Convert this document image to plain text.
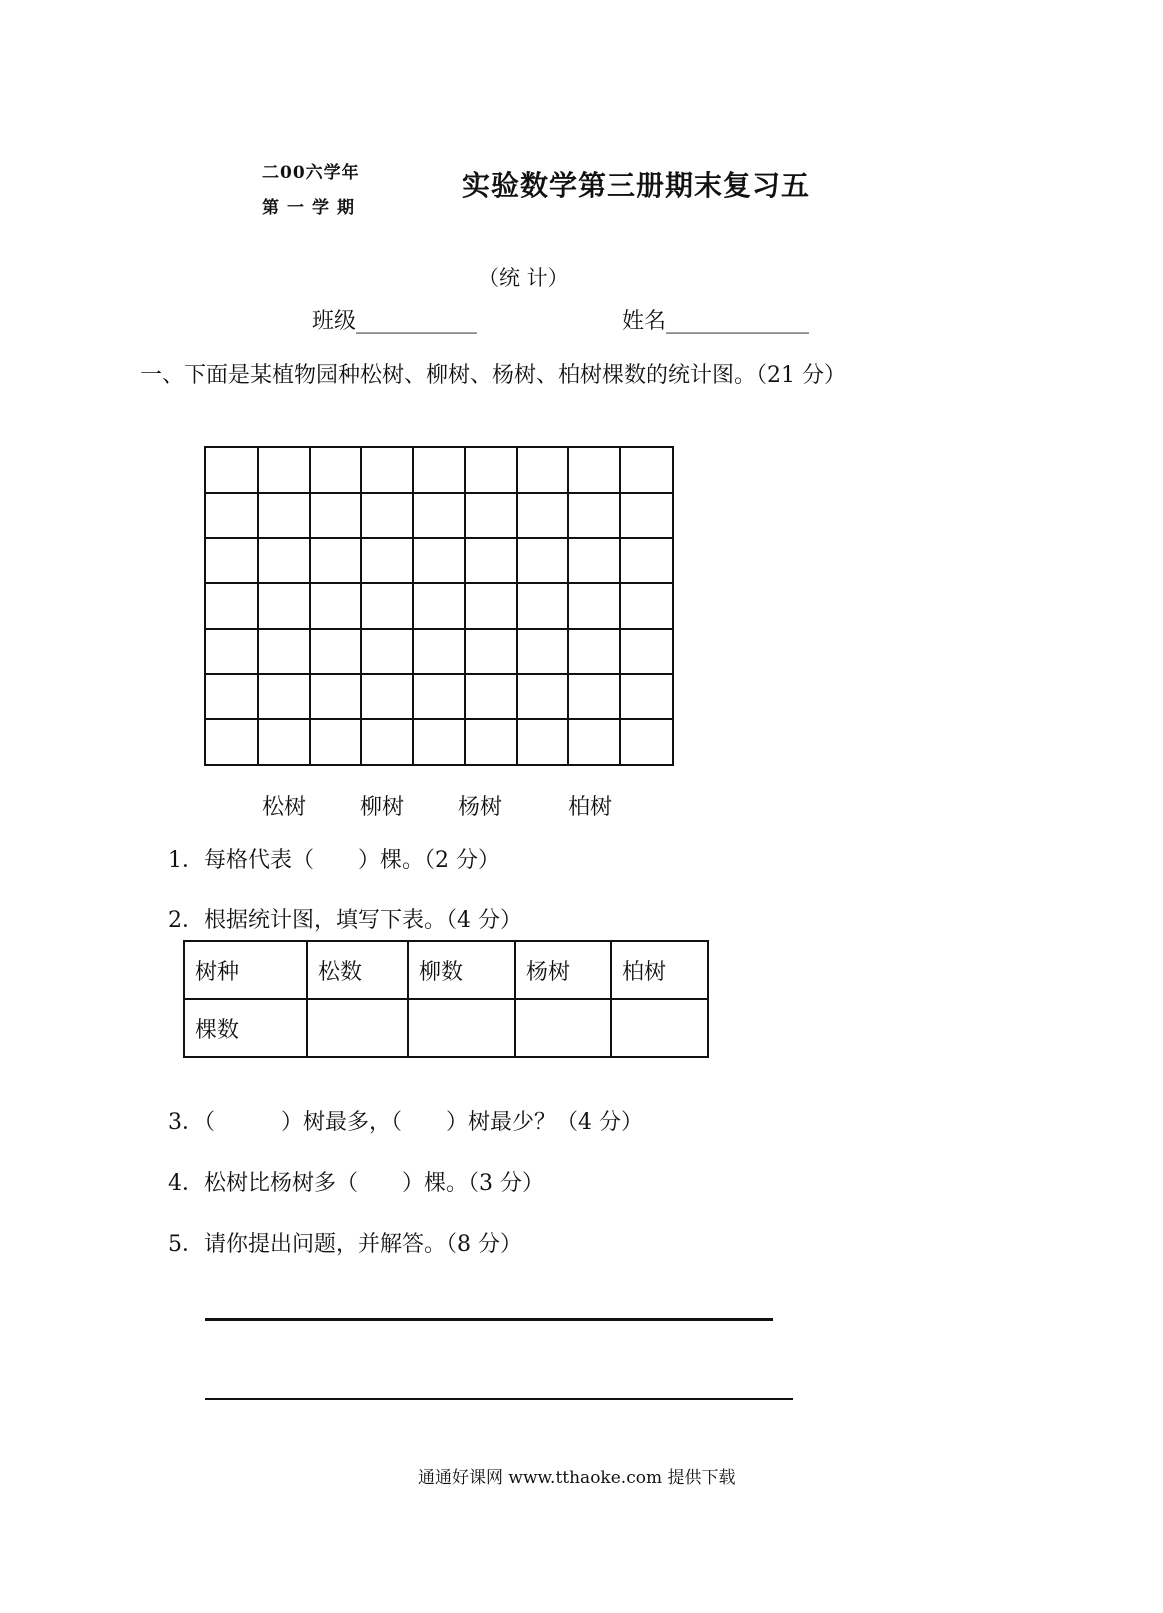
二00六学年
第一学期
实验数学第三册期末复习五
（统 计）
班级___________	姓名_____________
一、下面是某植物园种松树、柳树、杨树、柏树棵数的统计图。（21 分）
松树 柳树 杨树	柏树
1．每格代表（　　）棵。（2 分）
2．根据统计图，填写下表。（4 分）
树种	松数	柳数	杨树	柏树
棵数				
3．（　　　）树最多，（　　）树最少？（4 分）
4．松树比杨树多（　　）棵。（3 分）
5．请你提出问题，并解答。（8 分）
通通好课网 www.tthaoke.com 提供下载
